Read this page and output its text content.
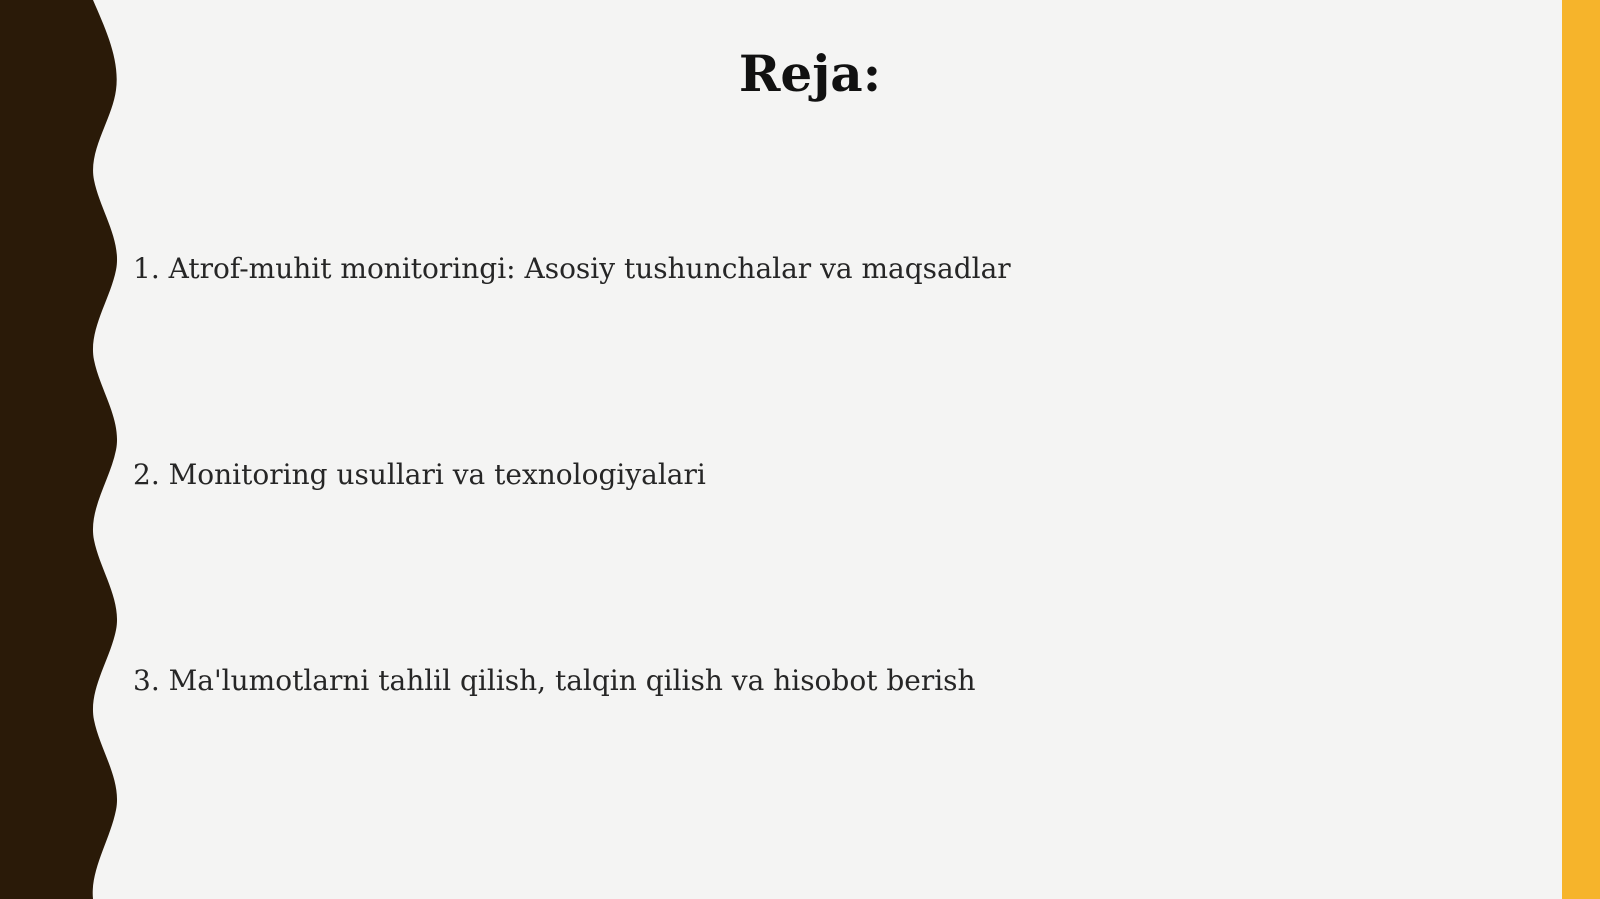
Reja:
1. Atrof-muhit monitoringi: Asosiy tushunchalar va maqsadlar
2. Monitoring usullari va texnologiyalari
3. Ma'lumotlarni tahlil qilish, talqin qilish va hisobot berish
